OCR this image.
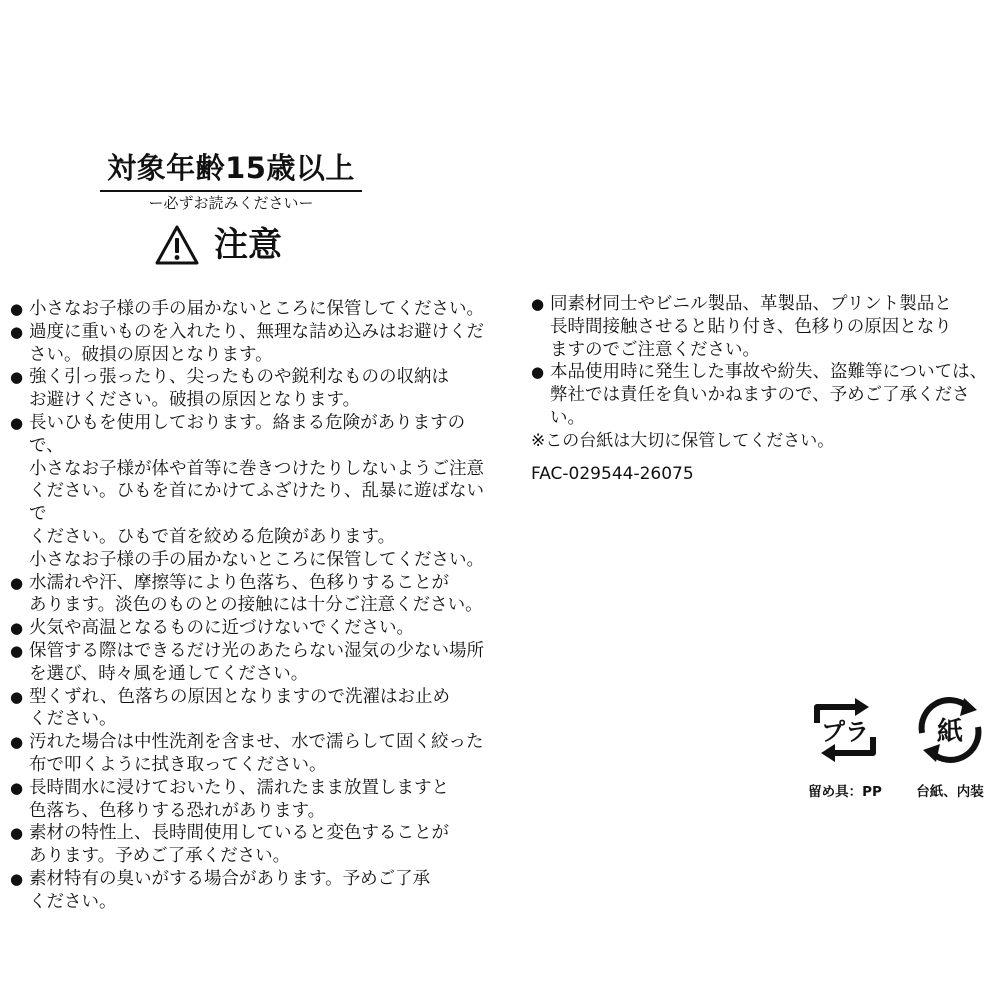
対象年齢15歳以上
ー必ずお読みくださいー
注意
● 小さなお子様の手の届かないところに保管してください。
● 過度に重いものを入れたり、無理な詰め込みはお避けくだ
さい。破損の原因となります。
● 強く引っ張ったり、尖ったものや鋭利なものの収納は
お避けください。破損の原因となります。
● 長いひもを使用しております。絡まる危険がありますので、
小さなお子様が体や首等に巻きつけたりしないようご注意
ください。ひもを首にかけてふざけたり、乱暴に遊ばないで
ください。ひもで首を絞める危険があります。
小さなお子様の手の届かないところに保管してください。
● 水濡れや汗、摩擦等により色落ち、色移りすることが
あります。淡色のものとの接触には十分ご注意ください。
● 火気や高温となるものに近づけないでください。
● 保管する際はできるだけ光のあたらない湿気の少ない場所
を選び、時々風を通してください。
● 型くずれ、色落ちの原因となりますので洗濯はお止め
ください。
● 汚れた場合は中性洗剤を含ませ、水で濡らして固く絞った
布で叩くように拭き取ってください。
● 長時間水に浸けておいたり、濡れたまま放置しますと
色落ち、色移りする恐れがあります。
● 素材の特性上、長時間使用していると変色することが
あります。予めご了承ください。
● 素材特有の臭いがする場合があります。予めご了承
ください。
● 同素材同士やビニル製品、革製品、プリント製品と
長時間接触させると貼り付き、色移りの原因となり
ますのでご注意ください。
● 本品使用時に発生した事故や紛失、盗難等については、
弊社では責任を負いかねますので、予めご了承ください。
※この台紙は大切に保管してください。
FAC-029544-26075
プラ
留め具：PP
紙
台紙、内装
